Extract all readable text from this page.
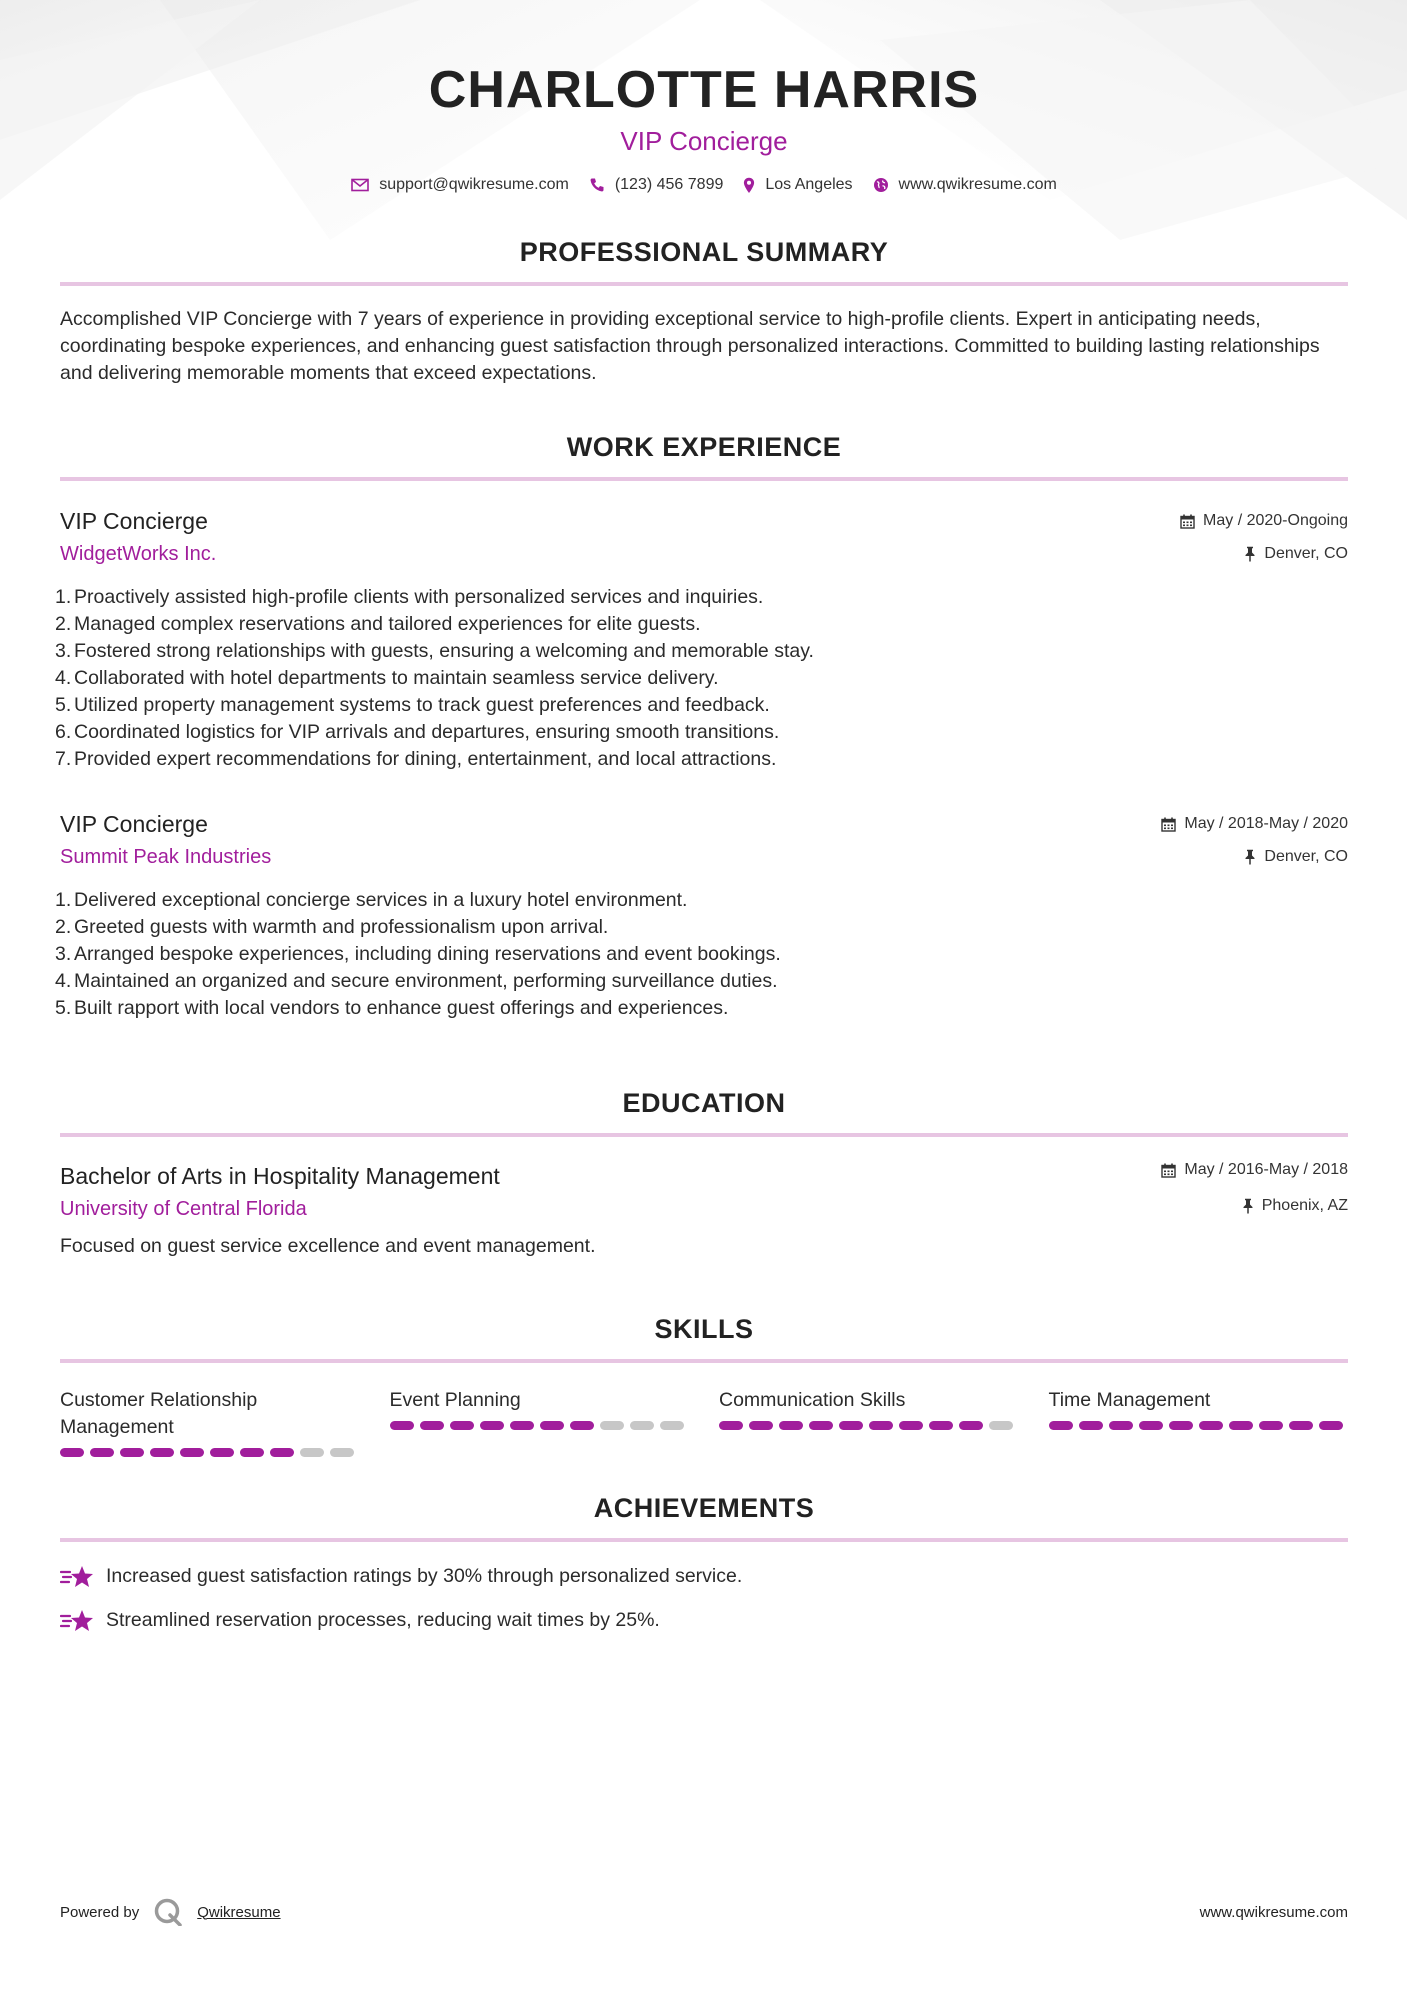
CHARLOTTE HARRIS
VIP Concierge
support@qwikresume.com	(123) 456 7899	Los Angeles	www.qwikresume.com
PROFESSIONAL SUMMARY
Accomplished VIP Concierge with 7 years of experience in providing exceptional service to high-profile clients. Expert in anticipating needs, coordinating bespoke experiences, and enhancing guest satisfaction through personalized interactions. Committed to building lasting relationships and delivering memorable moments that exceed expectations.
WORK EXPERIENCE
VIP Concierge
WidgetWorks Inc.
May / 2020-Ongoing
Denver, CO
1. Proactively assisted high-profile clients with personalized services and inquiries.
2. Managed complex reservations and tailored experiences for elite guests.
3. Fostered strong relationships with guests, ensuring a welcoming and memorable stay.
4. Collaborated with hotel departments to maintain seamless service delivery.
5. Utilized property management systems to track guest preferences and feedback.
6. Coordinated logistics for VIP arrivals and departures, ensuring smooth transitions.
7. Provided expert recommendations for dining, entertainment, and local attractions.
VIP Concierge
Summit Peak Industries
May / 2018-May / 2020
Denver, CO
1. Delivered exceptional concierge services in a luxury hotel environment.
2. Greeted guests with warmth and professionalism upon arrival.
3. Arranged bespoke experiences, including dining reservations and event bookings.
4. Maintained an organized and secure environment, performing surveillance duties.
5. Built rapport with local vendors to enhance guest offerings and experiences.
EDUCATION
Bachelor of Arts in Hospitality Management
University of Central Florida
May / 2016-May / 2018
Phoenix, AZ
Focused on guest service excellence and event management.
SKILLS
Customer Relationship Management
Event Planning	Communication Skills	Time Management
ACHIEVEMENTS
Increased guest satisfaction ratings by 30% through personalized service.
Streamlined reservation processes, reducing wait times by 25%.
Powered by	Qwikresume	www.qwikresume.com
